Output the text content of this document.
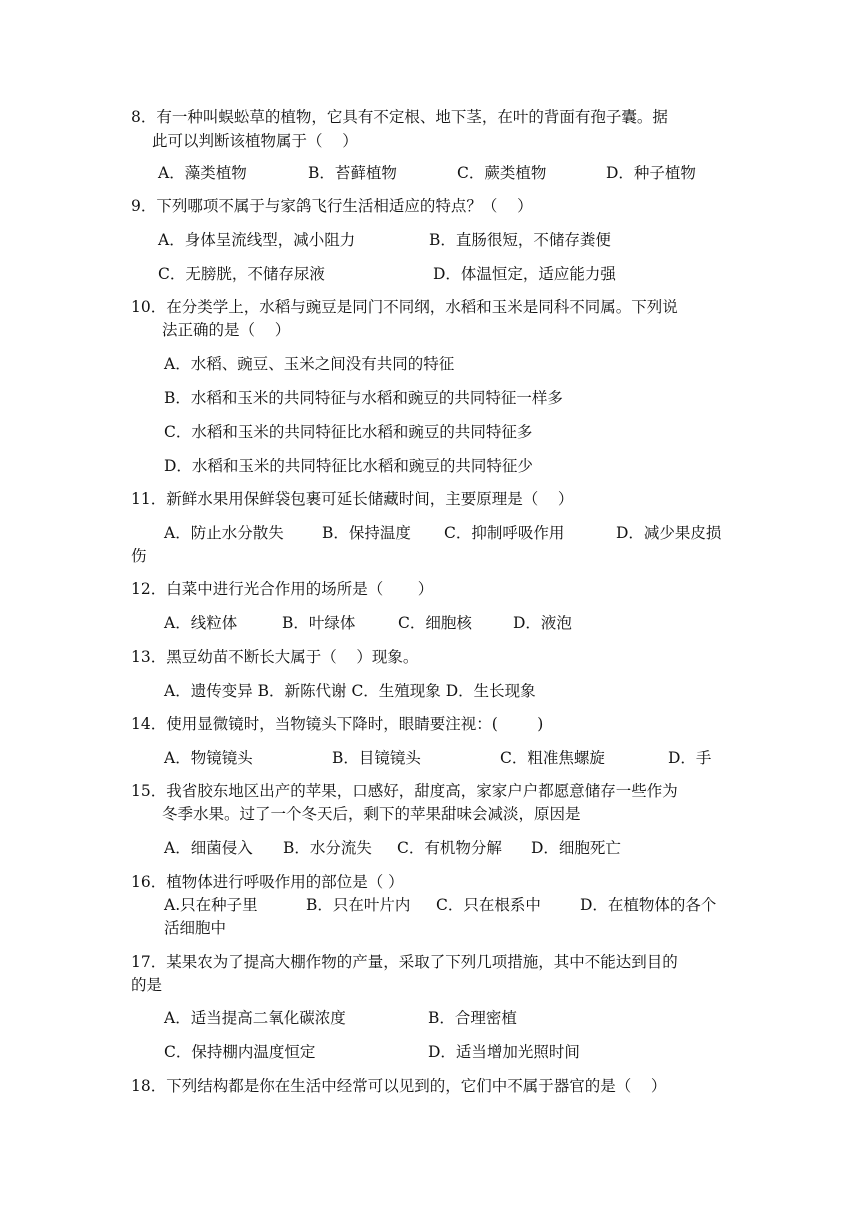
8．有一种叫蜈蚣草的植物，它具有不定根、地下茎，在叶的背面有孢子囊。据
此可以判断该植物属于（    ）
A．藻类植物	B．苔藓植物	C．蕨类植物	D．种子植物
9．下列哪项不属于与家鸽飞行生活相适应的特点？（    ）
A．身体呈流线型，减小阻力	B．直肠很短，不储存粪便
C．无膀胱，不储存尿液	D．体温恒定，适应能力强
10．在分类学上，水稻与豌豆是同门不同纲，水稻和玉米是同科不同属。下列说
法正确的是（    ）
A．水稻、豌豆、玉米之间没有共同的特征
B．水稻和玉米的共同特征与水稻和豌豆的共同特征一样多
C．水稻和玉米的共同特征比水稻和豌豆的共同特征多
D．水稻和玉米的共同特征比水稻和豌豆的共同特征少
11．新鲜水果用保鲜袋包裹可延长储藏时间，主要原理是（    ）
A．防止水分散失 B．保持温度 C．抑制呼吸作用	D．减少果皮损
伤
12．白菜中进行光合作用的场所是（       ）
A．线粒体	B．叶绿体	C．细胞核	D．液泡
13．黑豆幼苗不断长大属于（    ）现象。
A．遗传变异 B．新陈代谢 C．生殖现象 D．生长现象
14．使用显微镜时，当物镜头下降时，眼睛要注视：(        )
A．物镜镜头	B．目镜镜头	C．粗准焦螺旋	D．手
15．我省胶东地区出产的苹果，口感好，甜度高，家家户户都愿意储存一些作为
冬季水果。过了一个冬天后，剩下的苹果甜味会减淡，原因是
A．细菌侵入 B．水分流失 C．有机物分解 D．细胞死亡
16．植物体进行呼吸作用的部位是（ ）
A.只在种子里	B．只在叶片内 C．只在根系中	D．在植物体的各个
活细胞中
17．某果农为了提高大棚作物的产量，采取了下列几项措施，其中不能达到目的
的是
A．适当提高二氧化碳浓度	B．合理密植
C．保持棚内温度恒定	D．适当增加光照时间
18．下列结构都是你在生活中经常可以见到的，它们中不属于器官的是（    ）
